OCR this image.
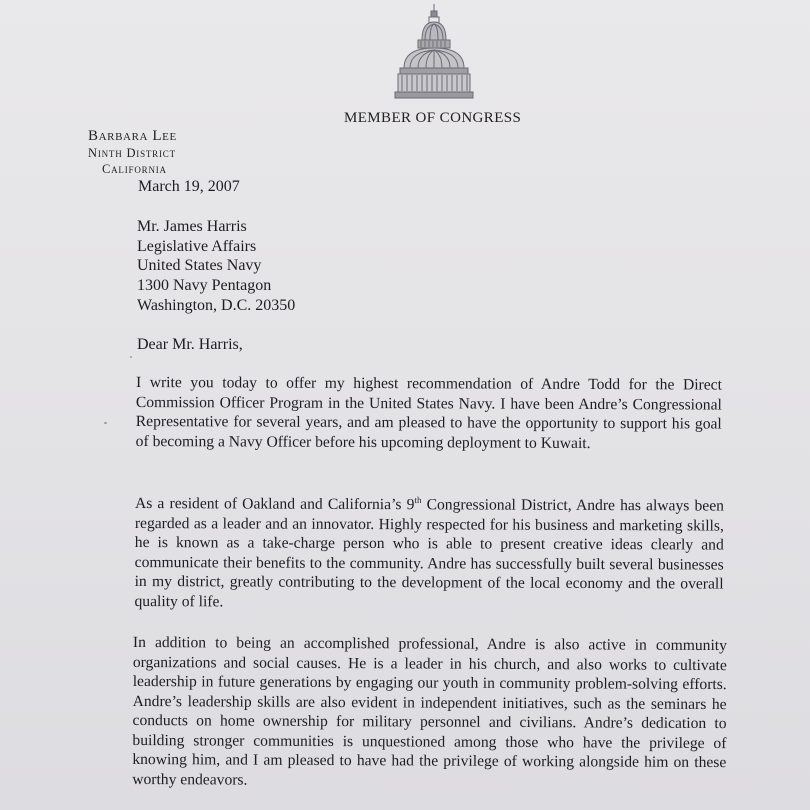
MEMBER OF CONGRESS
Barbara Lee
Ninth District
California
March 19, 2007
Mr. James Harris
Legislative Affairs
United States Navy
1300 Navy Pentagon
Washington, D.C. 20350
Dear Mr. Harris,

I write you today to offer my highest recommendation of Andre Todd for the Direct Commission Officer Program in the United States Navy. I have been Andre’s Congressional Representative for several years, and am pleased to have the opportunity to support his goal of becoming a Navy Officer before his upcoming deployment to Kuwait.

As a resident of Oakland and California’s 9th Congressional District, Andre has always been regarded as a leader and an innovator. Highly respected for his business and marketing skills, he is known as a take-charge person who is able to present creative ideas clearly and communicate their benefits to the community. Andre has successfully built several businesses in my district, greatly contributing to the development of the local economy and the overall quality of life.

In addition to being an accomplished professional, Andre is also active in community organizations and social causes. He is a leader in his church, and also works to cultivate leadership in future generations by engaging our youth in community problem-solving efforts. Andre’s leadership skills are also evident in independent initiatives, such as the seminars he conducts on home ownership for military personnel and civilians. Andre’s dedication to building stronger communities is unquestioned among those who have the privilege of knowing him, and I am pleased to have had the privilege of working alongside him on these worthy endeavors.
